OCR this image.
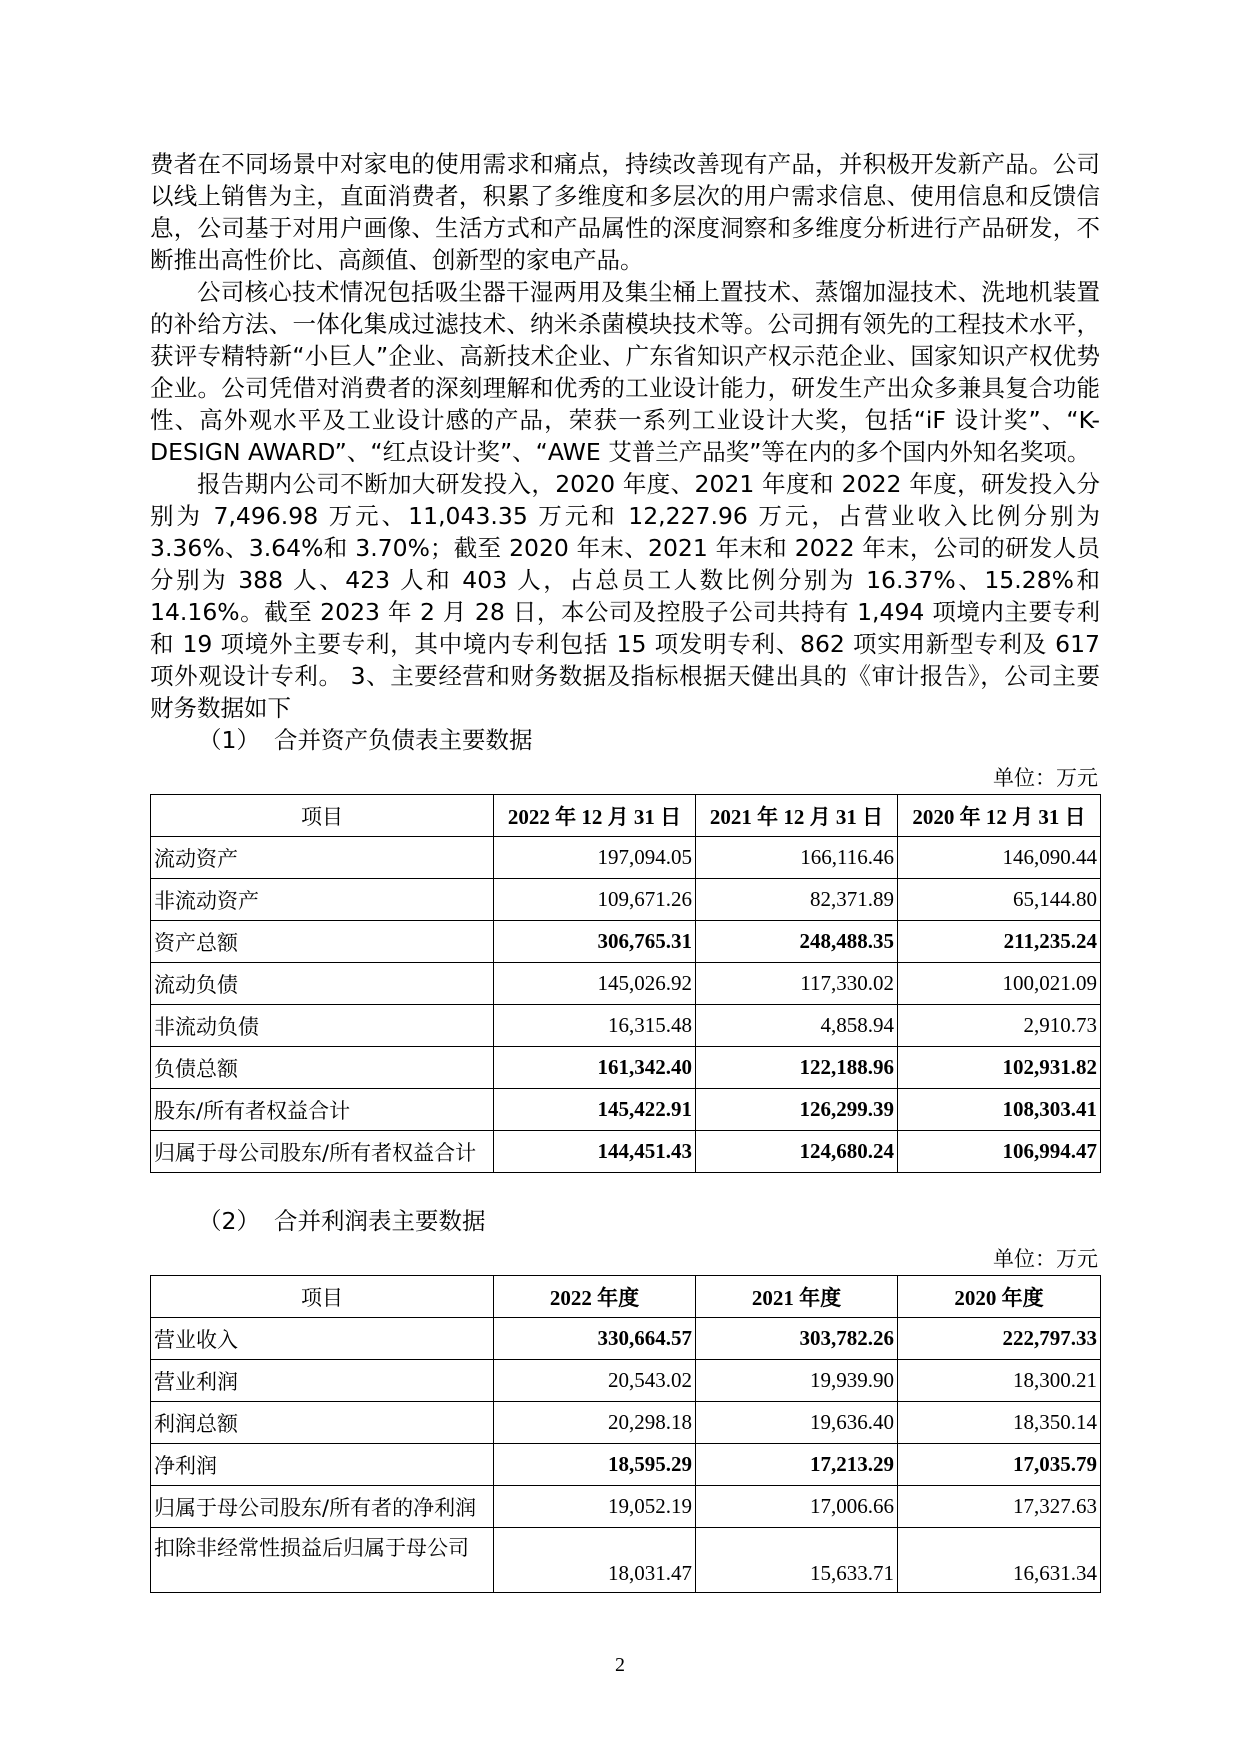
费者在不同场景中对家电的使用需求和痛点，持续改善现有产品，并积极开发新产品。公司以线上销售为主，直面消费者，积累了多维度和多层次的用户需求信息、使用信息和反馈信息，公司基于对用户画像、生活方式和产品属性的深度洞察和多维度分析进行产品研发，不断推出高性价比、高颜值、创新型的家电产品。

公司核心技术情况包括吸尘器干湿两用及集尘桶上置技术、蒸馏加湿技术、洗地机装置的补给方法、一体化集成过滤技术、纳米杀菌模块技术等。公司拥有领先的工程技术水平，获评专精特新“小巨人”企业、高新技术企业、广东省知识产权示范企业、国家知识产权优势企业。公司凭借对消费者的深刻理解和优秀的工业设计能力，研发生产出众多兼具复合功能性、高外观水平及工业设计感的产品，荣获一系列工业设计大奖，包括“iF 设计奖”、“K-DESIGN AWARD”、“红点设计奖”、“AWE 艾普兰产品奖”等在内的多个国内外知名奖项。

报告期内公司不断加大研发投入，2020 年度、2021 年度和 2022 年度，研发投入分别为 7,496.98 万元、11,043.35 万元和 12,227.96 万元，占营业收入比例分别为 3.36%、3.64%和 3.70%；截至 2020 年末、2021 年末和 2022 年末，公司的研发人员分别为 388 人、423 人和 403 人，占总员工人数比例分别为 16.37%、15.28%和 14.16%。截至 2023 年 2 月 28 日，本公司及控股子公司共持有 1,494 项境内主要专利和 19 项境外主要专利，其中境内专利包括 15 项发明专利、862 项实用新型专利及 617 项外观设计专利。 3、主要经营和财务数据及指标根据天健出具的《审计报告》，公司主要财务数据如下

（1） 合并资产负债表主要数据

单位：万元
项目	2022 年 12 月 31 日	2021 年 12 月 31 日	2020 年 12 月 31 日
流动资产	197,094.05	166,116.46	146,090.44
非流动资产	109,671.26	82,371.89	65,144.80
资产总额	306,765.31	248,488.35	211,235.24
流动负债	145,026.92	117,330.02	100,021.09
非流动负债	16,315.48	4,858.94	2,910.73
负债总额	161,342.40	122,188.96	102,931.82
股东/所有者权益合计	145,422.91	126,299.39	108,303.41
归属于母公司股东/所有者权益合计	144,451.43	124,680.24	106,994.47

（2） 合并利润表主要数据

单位：万元
项目	2022 年度	2021 年度	2020 年度
营业收入	330,664.57	303,782.26	222,797.33
营业利润	20,543.02	19,939.90	18,300.21
利润总额	20,298.18	19,636.40	18,350.14
净利润	18,595.29	17,213.29	17,035.79
归属于母公司股东/所有者的净利润	19,052.19	17,006.66	17,327.63
扣除非经常性损益后归属于母公司	18,031.47	15,633.71	16,631.34
2
